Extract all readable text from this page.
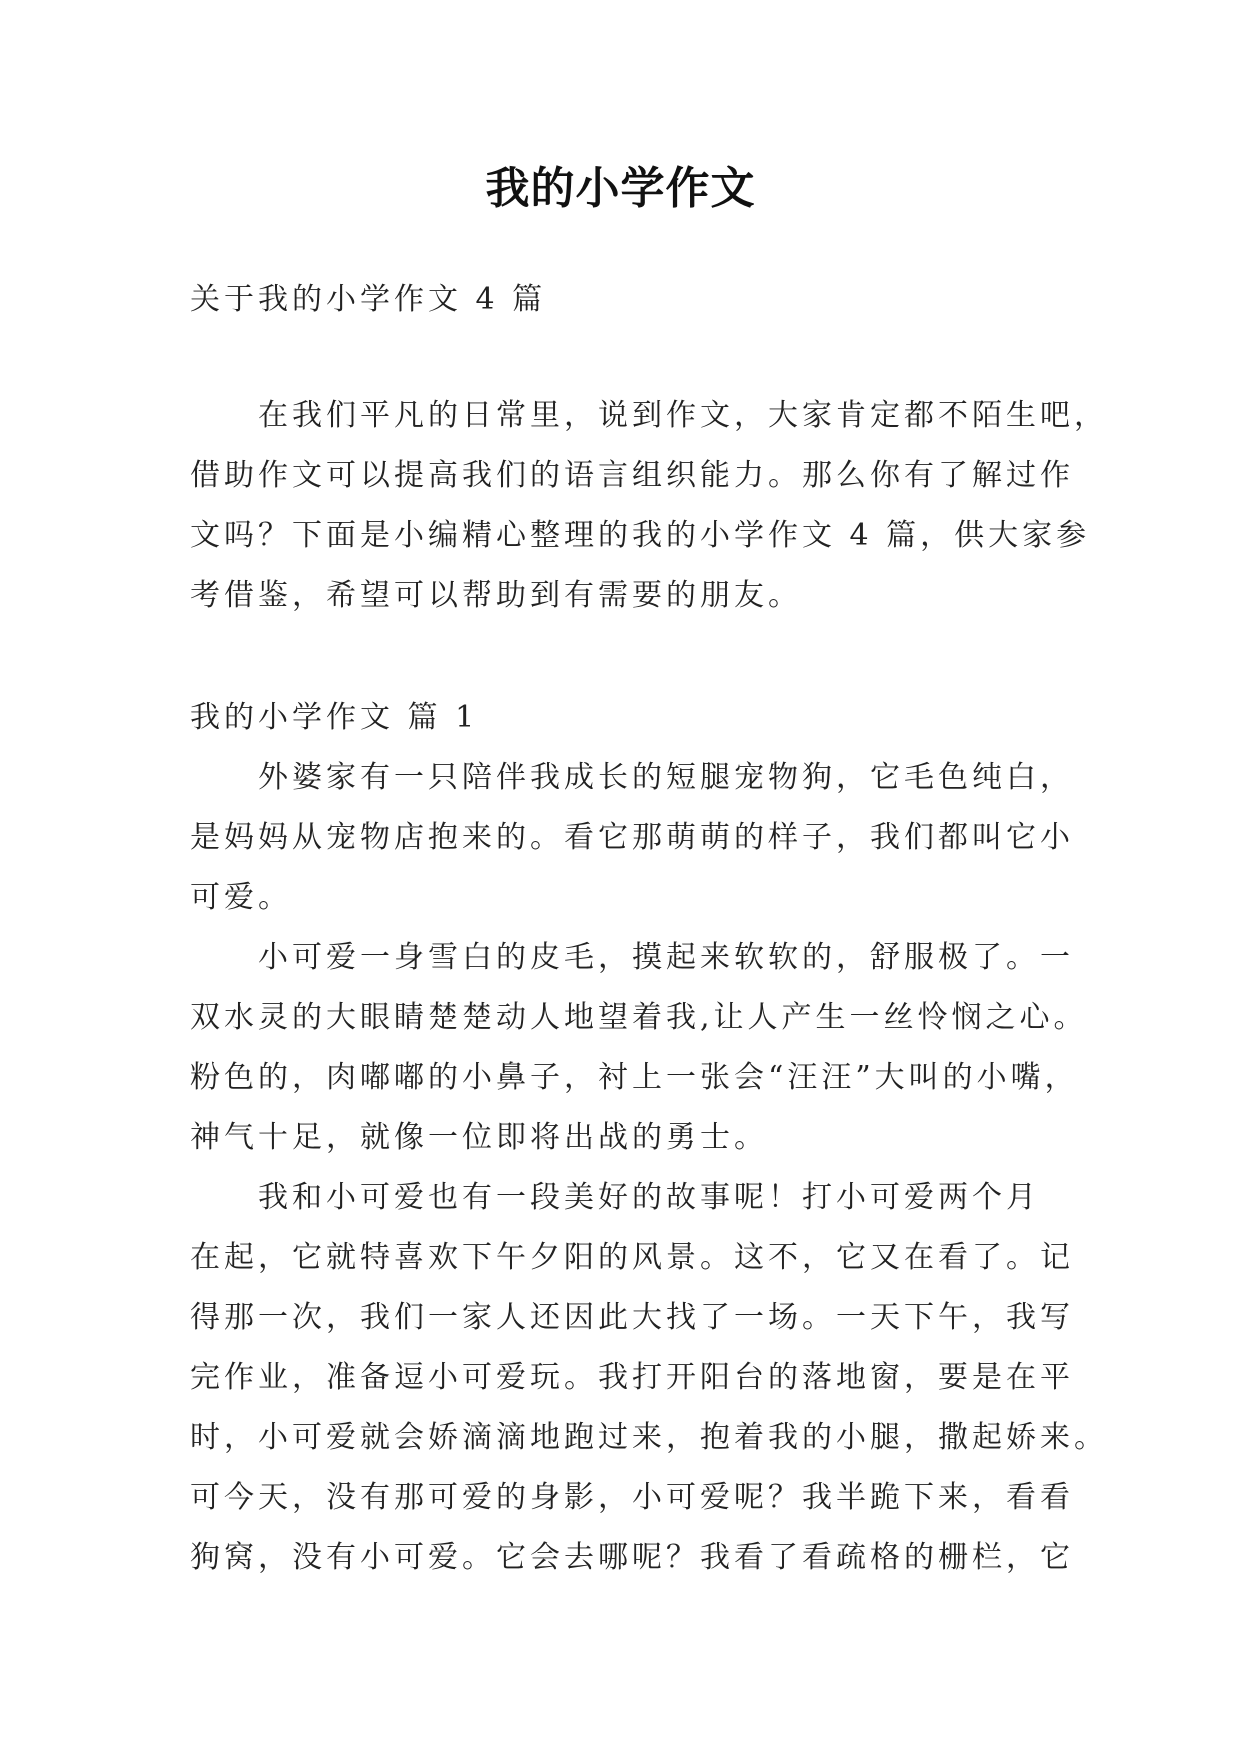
我的小学作文
关于我的小学作文 4 篇
在我们平凡的日常里，说到作文，大家肯定都不陌生吧，
借助作文可以提高我们的语言组织能力。那么你有了解过作
文吗？下面是小编精心整理的我的小学作文 4 篇，供大家参
考借鉴，希望可以帮助到有需要的朋友。
我的小学作文 篇 1
外婆家有一只陪伴我成长的短腿宠物狗，它毛色纯白，
是妈妈从宠物店抱来的。看它那萌萌的样子，我们都叫它小
可爱。
小可爱一身雪白的皮毛，摸起来软软的，舒服极了。一
双水灵的大眼睛楚楚动人地望着我,让人产生一丝怜悯之心。
粉色的，肉嘟嘟的小鼻子，衬上一张会“汪汪”大叫的小嘴，
神气十足，就像一位即将出战的勇士。
我和小可爱也有一段美好的故事呢！打小可爱两个月
在起，它就特喜欢下午夕阳的风景。这不，它又在看了。记
得那一次，我们一家人还因此大找了一场。一天下午，我写
完作业，准备逗小可爱玩。我打开阳台的落地窗，要是在平
时，小可爱就会娇滴滴地跑过来，抱着我的小腿，撒起娇来。
可今天，没有那可爱的身影，小可爱呢？我半跪下来，看看
狗窝，没有小可爱。它会去哪呢？我看了看疏格的栅栏，它
